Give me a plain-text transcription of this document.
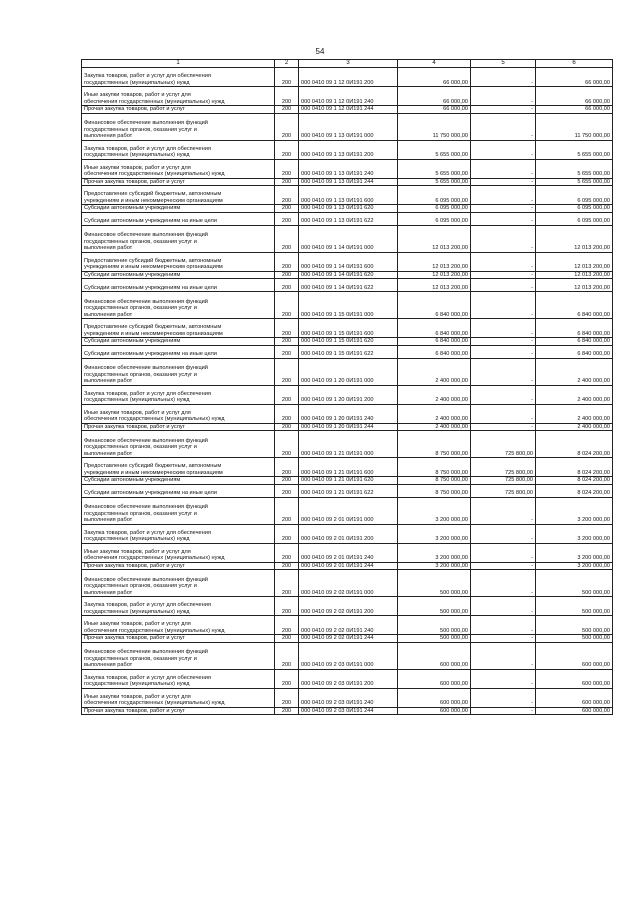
54
1	2	3	4	5	6
Закупка товаров, работ и услуг для обеспечения
государственных (муниципальных) нужд	200	000 0410 09 1 12 0И191 200	66 000,00	-	66 000,00
Иные закупки товаров, работ и услуг для
обеспечения государственных (муниципальных) нужд	200	000 0410 09 1 12 0И191 240	66 000,00	-	66 000,00
Прочая закупка товаров, работ и услуг	200	000 0410 09 1 12 0И191 244	66 000,00	-	66 000,00
Финансовое обеспечение выполнения функций
государственных органов, оказания услуг и
выполнения работ	200	000 0410 09 1 13 0И191 000	11 750 000,00	-	11 750 000,00
Закупка товаров, работ и услуг для обеспечения
государственных (муниципальных) нужд	200	000 0410 09 1 13 0И191 200	5 655 000,00	-	5 655 000,00
Иные закупки товаров, работ и услуг для
обеспечения государственных (муниципальных) нужд	200	000 0410 09 1 13 0И191 240	5 655 000,00	-	5 655 000,00
Прочая закупка товаров, работ и услуг	200	000 0410 09 1 13 0И191 244	5 655 000,00	-	5 655 000,00
Предоставление субсидий бюджетным, автономным
учреждениям и иным некоммерческим организациям	200	000 0410 09 1 13 0И191 600	6 095 000,00	-	6 095 000,00
Субсидии автономным учреждениям	200	000 0410 09 1 13 0И191 620	6 095 000,00	-	6 095 000,00
Субсидии автономным учреждениям на иные цели	200	000 0410 09 1 13 0И191 622	6 095 000,00	-	6 095 000,00
Финансовое обеспечение выполнения функций
государственных органов, оказания услуг и
выполнения работ	200	000 0410 09 1 14 0И191 000	12 013 200,00	-	12 013 200,00
Предоставление субсидий бюджетным, автономным
учреждениям и иным некоммерческим организациям	200	000 0410 09 1 14 0И191 600	12 013 200,00	-	12 013 200,00
Субсидии автономным учреждениям	200	000 0410 09 1 14 0И191 620	12 013 200,00	-	12 013 200,00
Субсидии автономным учреждениям на иные цели	200	000 0410 09 1 14 0И191 622	12 013 200,00	-	12 013 200,00
Финансовое обеспечение выполнения функций
государственных органов, оказания услуг и
выполнения работ	200	000 0410 09 1 15 0И191 000	6 840 000,00	-	6 840 000,00
Предоставление субсидий бюджетным, автономным
учреждениям и иным некоммерческим организациям	200	000 0410 09 1 15 0И191 600	6 840 000,00	-	6 840 000,00
Субсидии автономным учреждениям	200	000 0410 09 1 15 0И191 620	6 840 000,00	-	6 840 000,00
Субсидии автономным учреждениям на иные цели	200	000 0410 09 1 15 0И191 622	6 840 000,00	-	6 840 000,00
Финансовое обеспечение выполнения функций
государственных органов, оказания услуг и
выполнения работ	200	000 0410 09 1 20 0И191 000	2 400 000,00	-	2 400 000,00
Закупка товаров, работ и услуг для обеспечения
государственных (муниципальных) нужд	200	000 0410 09 1 20 0И191 200	2 400 000,00	-	2 400 000,00
Иные закупки товаров, работ и услуг для
обеспечения государственных (муниципальных) нужд	200	000 0410 09 1 20 0И191 240	2 400 000,00	-	2 400 000,00
Прочая закупка товаров, работ и услуг	200	000 0410 09 1 20 0И191 244	2 400 000,00	-	2 400 000,00
Финансовое обеспечение выполнения функций
государственных органов, оказания услуг и
выполнения работ	200	000 0410 09 1 21 0И191 000	8 750 000,00	725 800,00	8 024 200,00
Предоставление субсидий бюджетным, автономным
учреждениям и иным некоммерческим организациям	200	000 0410 09 1 21 0И191 600	8 750 000,00	725 800,00	8 024 200,00
Субсидии автономным учреждениям	200	000 0410 09 1 21 0И191 620	8 750 000,00	725 800,00	8 024 200,00
Субсидии автономным учреждениям на иные цели	200	000 0410 09 1 21 0И191 622	8 750 000,00	725 800,00	8 024 200,00
Финансовое обеспечение выполнения функций
государственных органов, оказания услуг и
выполнения работ	200	000 0410 09 2 01 0И191 000	3 200 000,00	-	3 200 000,00
Закупка товаров, работ и услуг для обеспечения
государственных (муниципальных) нужд	200	000 0410 09 2 01 0И191 200	3 200 000,00	-	3 200 000,00
Иные закупки товаров, работ и услуг для
обеспечения государственных (муниципальных) нужд	200	000 0410 09 2 01 0И191 240	3 200 000,00	-	3 200 000,00
Прочая закупка товаров, работ и услуг	200	000 0410 09 2 01 0И191 244	3 200 000,00	-	3 200 000,00
Финансовое обеспечение выполнения функций
государственных органов, оказания услуг и
выполнения работ	200	000 0410 09 2 02 0И191 000	500 000,00	-	500 000,00
Закупка товаров, работ и услуг для обеспечения
государственных (муниципальных) нужд	200	000 0410 09 2 02 0И191 200	500 000,00	-	500 000,00
Иные закупки товаров, работ и услуг для
обеспечения государственных (муниципальных) нужд	200	000 0410 09 2 02 0И191 240	500 000,00	-	500 000,00
Прочая закупка товаров, работ и услуг	200	000 0410 09 2 02 0И191 244	500 000,00	-	500 000,00
Финансовое обеспечение выполнения функций
государственных органов, оказания услуг и
выполнения работ	200	000 0410 09 2 03 0И191 000	600 000,00	-	600 000,00
Закупка товаров, работ и услуг для обеспечения
государственных (муниципальных) нужд	200	000 0410 09 2 03 0И191 200	600 000,00	-	600 000,00
Иные закупки товаров, работ и услуг для
обеспечения государственных (муниципальных) нужд	200	000 0410 09 2 03 0И191 240	600 000,00	-	600 000,00
Прочая закупка товаров, работ и услуг	200	000 0410 09 2 03 0И191 244	600 000,00	-	600 000,00
